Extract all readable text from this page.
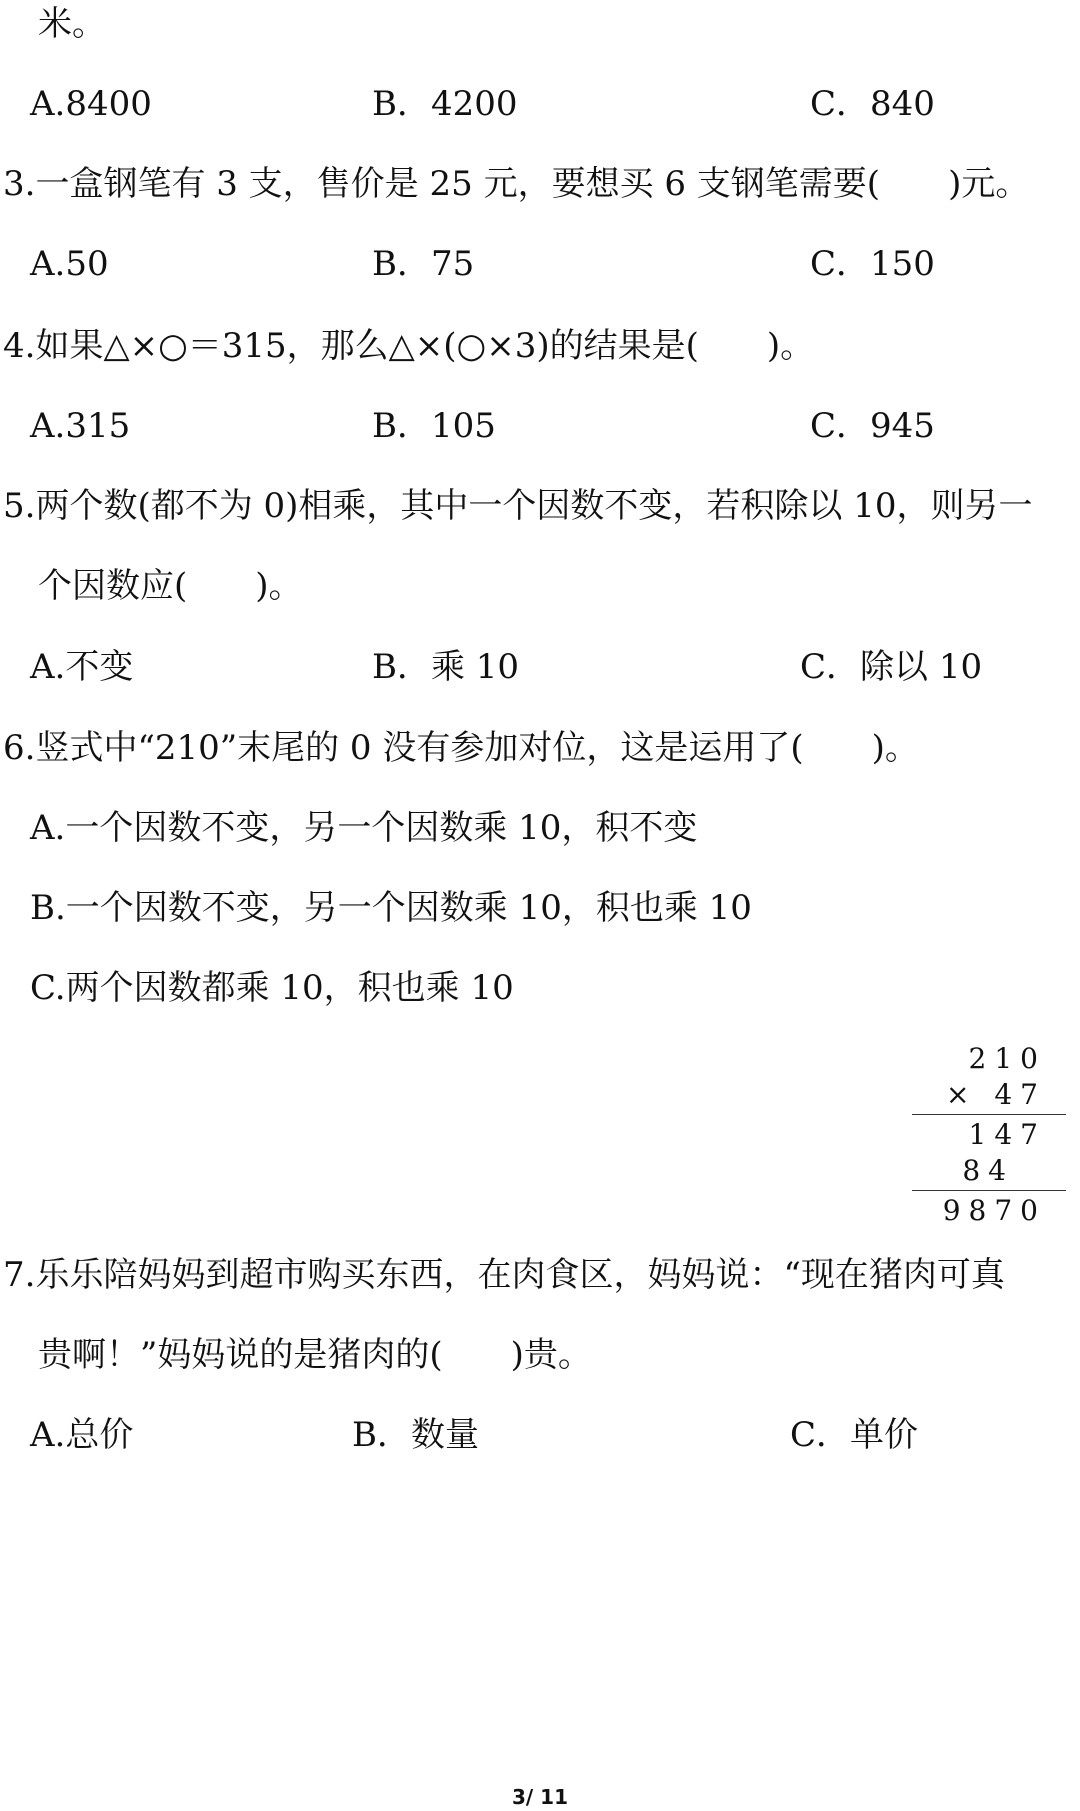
米。
A.8400	B．4200	C．840
3.一盒钢笔有 3 支，售价是 25 元，要想买 6 支钢笔需要(　　)元。
A.50	B．75	C．150
4.如果△×○＝315，那么△×(○×3)的结果是(　　)。
A.315	B．105	C．945
5.两个数(都不为 0)相乘，其中一个因数不变，若积除以 10，则另一
个因数应(　　)。
A.不变	B．乘 10	C．除以 10
6.竖式中“210”末尾的 0 没有参加对位，这是运用了(　　)。
A.一个因数不变，另一个因数乘 10，积不变
B.一个因数不变，另一个因数乘 10，积也乘 10
C.两个因数都乘 10，积也乘 10
210
× 47
147
84
9870
7.乐乐陪妈妈到超市购买东西，在肉食区，妈妈说：“现在猪肉可真
贵啊！”妈妈说的是猪肉的(　　)贵。
A.总价	B．数量	C．单价
3/ 11
